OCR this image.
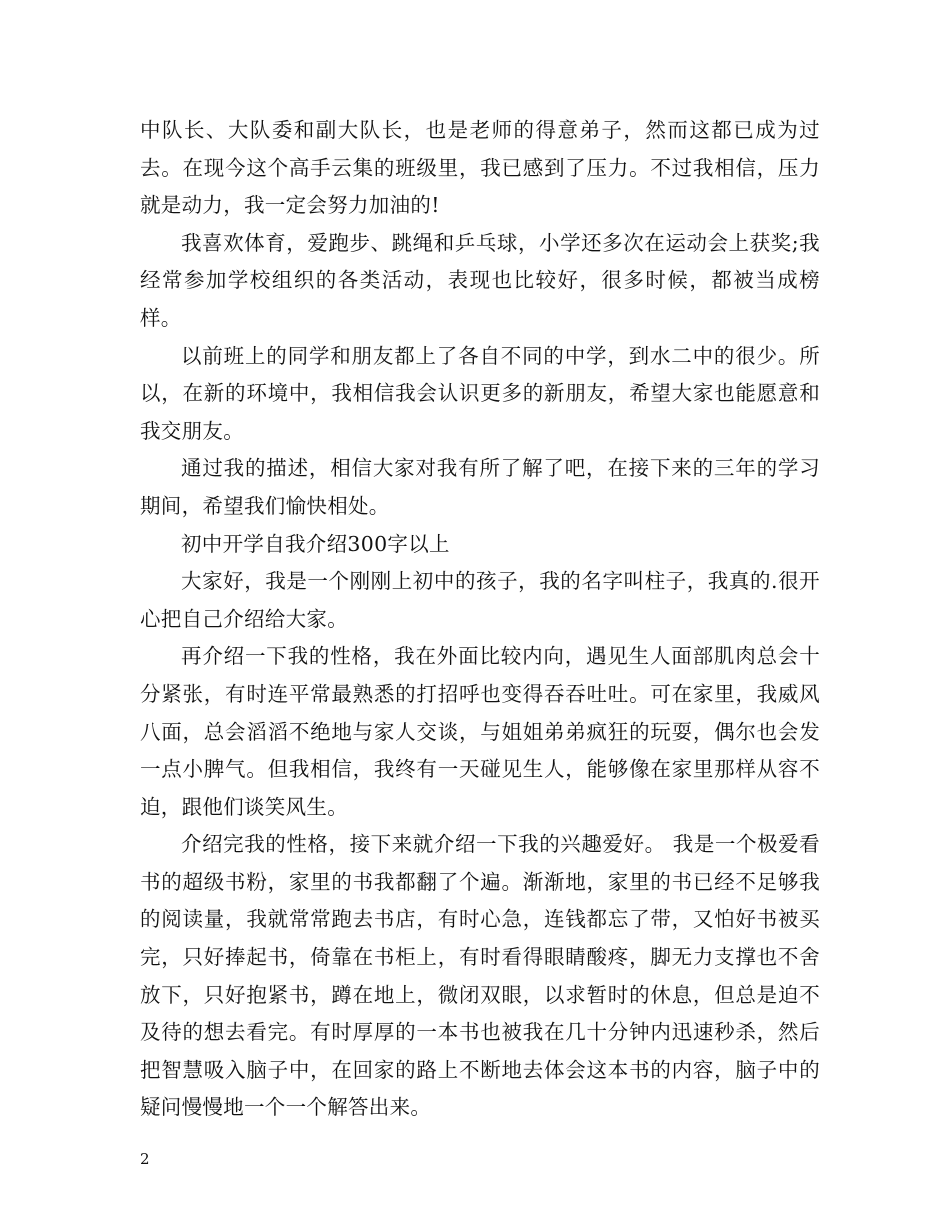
中队长、大队委和副大队长，也是老师的得意弟子，然而这都已成为过去。在现今这个高手云集的班级里，我已感到了压力。不过我相信，压力就是动力，我一定会努力加油的!

我喜欢体育，爱跑步、跳绳和乒乓球，小学还多次在运动会上获奖;我经常参加学校组织的各类活动，表现也比较好，很多时候，都被当成榜样。

以前班上的同学和朋友都上了各自不同的中学，到水二中的很少。所以，在新的环境中，我相信我会认识更多的新朋友，希望大家也能愿意和我交朋友。

通过我的描述，相信大家对我有所了解了吧，在接下来的三年的学习期间，希望我们愉快相处。

初中开学自我介绍300字以上

大家好，我是一个刚刚上初中的孩子，我的名字叫柱子，我真的.很开心把自己介绍给大家。

再介绍一下我的性格，我在外面比较内向，遇见生人面部肌肉总会十分紧张，有时连平常最熟悉的打招呼也变得吞吞吐吐。可在家里，我威风八面，总会滔滔不绝地与家人交谈，与姐姐弟弟疯狂的玩耍，偶尔也会发一点小脾气。但我相信，我终有一天碰见生人，能够像在家里那样从容不迫，跟他们谈笑风生。

介绍完我的性格，接下来就介绍一下我的兴趣爱好。 我是一个极爱看书的超级书粉，家里的书我都翻了个遍。渐渐地，家里的书已经不足够我的阅读量，我就常常跑去书店，有时心急，连钱都忘了带，又怕好书被买完，只好捧起书，倚靠在书柜上，有时看得眼睛酸疼，脚无力支撑也不舍放下，只好抱紧书，蹲在地上，微闭双眼，以求暂时的休息，但总是迫不及待的想去看完。有时厚厚的一本书也被我在几十分钟内迅速秒杀，然后把智慧吸入脑子中，在回家的路上不断地去体会这本书的内容，脑子中的疑问慢慢地一个一个解答出来。

2
